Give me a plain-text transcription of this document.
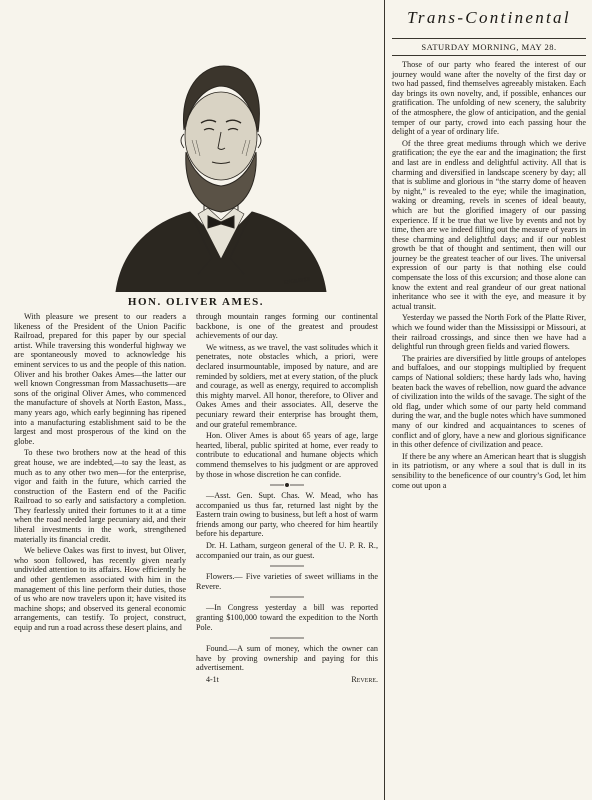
ENGRAVER
HON. OLIVER AMES.

With pleasure we present to our readers a likeness of the President of the Union Pacific Railroad, prepared for this paper by our special artist. While traversing this wonderful highway we are spontaneously moved to acknowledge his eminent services to us and the people of this nation. Oliver and his brother Oakes Ames—the latter our well known Congressman from Massachusetts—are sons of the original Oliver Ames, who commenced the manufacture of shovels at North Easton, Mass., many years ago, which early beginning has ripened into a manufacturing establishment said to be the largest and most prosperous of the kind on the globe.

To these two brothers now at the head of this great house, we are indebted,—to say the least, as much as to any other two men—for the enterprise, vigor and faith in the future, which carried the construction of the Eastern end of the Pacific Railroad to so early and satisfactory a completion. They fearlessly united their fortunes to it at a time when the road needed large pecuniary aid, and their liberal investments in the work, strengthened materially its financial credit.

We believe Oakes was first to invest, but Oliver, who soon followed, has recently given nearly undivided attention to its affairs. How efficiently he and other gentlemen associated with him in the management of this line perform their duties, those of us who are now travelers upon it; have visited its machine shops; and observed its general economic arrangements, can testify. To project, construct, equip and run a road across these desert plains, and

through mountain ranges forming our continental backbone, is one of the greatest and proudest achievements of our day.

We witness, as we travel, the vast solitudes which it penetrates, note obstacles which, a priori, were declared insurmountable, imposed by nature, and are reminded by soldiers, met at every station, of the pluck and courage, as well as energy, required to accomplish this mighty marvel. All honor, therefore, to Oliver and Oakes Ames and their associates. All, deserve the pecuniary reward their enterprise has brought them, and our grateful remembrance.

Hon. Oliver Ames is about 65 years of age, large hearted, liberal, public spirited at home, ever ready to contribute to educational and humane objects which commend themselves to his judgment or are approved by those in whose discretion he can confide.

—Asst. Gen. Supt. Chas. W. Mead, who has accompanied us thus far, returned last night by the Eastern train owing to business, but left a host of warm friends among our party, who cheered for him heartily before his departure.

Dr. H. Latham, surgeon general of the U. P. R. R., accompanied our train, as our guest.

Flowers.— Five varieties of sweet williams in the Revere.

—In Congress yesterday a bill was reported granting $100,000 toward the expedition to the North Pole.

Found.—A sum of money, which the owner can have by proving ownership and paying for this advertisement.

4-1t	Revere.
Trans-Continental
SATURDAY MORNING, MAY 28.

Those of our party who feared the interest of our journey would wane after the novelty of the first day or two had passed, find themselves agreeably mistaken. Each day brings its own novelty, and, if possible, enhances our gratification. The unfolding of new scenery, the salubrity of the atmosphere, the glow of anticipation, and the genial temper of our party, crowd into each passing hour the delight of a year of ordinary life.

Of the three great mediums through which we derive gratification; the eye the ear and the imagination; the first and last are in endless and delightful activity. All that is charming and diversified in landscape scenery by day; all that is sublime and glorious in “the starry dome of heaven by night,” is revealed to the eye; while the imagination, waking or dreaming, revels in scenes of ideal beauty, which are but the glorified imagery of our passing experience. If it be true that we live by events and not by time, then are we indeed filling out the measure of years in these charming and delightful days; and if our noblest growth be that of thought and sentiment, then will our journey be the greatest teacher of our lives. The universal expression of our party is that nothing else could compensate the loss of this excursion; and those alone can know the extent and real grandeur of our great national inheritance who see it with the eye, and measure it by actual transit.

Yesterday we passed the North Fork of the Platte River, which we found wider than the Mississippi or Missouri, at their railroad crossings, and since then we have had a delightful run through green fields and varied flowers.

The prairies are diversified by little groups of antelopes and buffaloes, and our stoppings multiplied by frequent camps of National soldiers; these hardy lads who, having beaten back the waves of rebellion, now guard the advance of civilization into the wilds of the savage. The sight of the old flag, under which some of our party held command during the war, and the bugle notes which have summoned many of our kindred and acquaintances to scenes of conflict and of glory, have a new and glorious significance in this other defence of civilization and peace.

If there be any where an American heart that is sluggish in its patriotism, or any where a soul that is dull in its sensibility to the beneficence of our country’s God, let him come out upon a
